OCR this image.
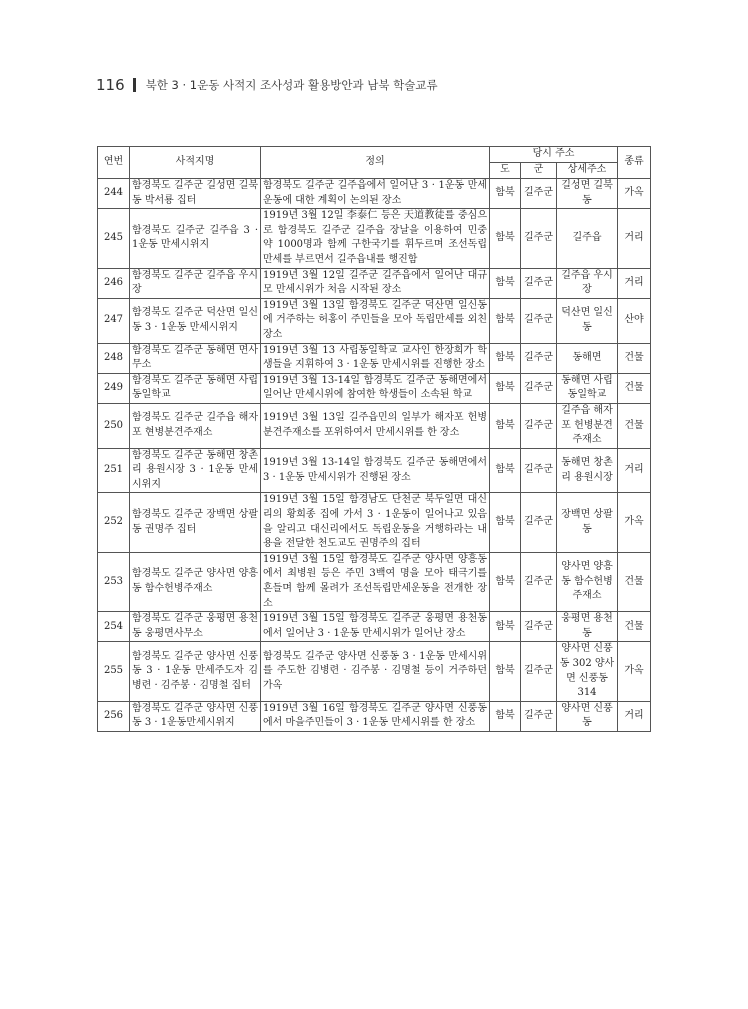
116 북한 3 · 1운동 사적지 조사성과 활용방안과 남북 학술교류
연번	사적지명	정의	당시 주소			종류
			도	군	상세주소	
244	함경북도 길주군 길성면 길북동 박서룡 집터	함경북도 길주군 길주읍에서 일어난 3 · 1운동 만세운동에 대한 계획이 논의된 장소	함북	길주군	길성면 길북동	가옥
245	함경북도 길주군 길주읍 3 · 1운동 만세시위지	1919년 3월 12일 李泰仁 등은 天道教徒를 중심으로 함경북도 길주군 길주읍 장날을 이용하여 민중 약 1000명과 함께 구한국기를 휘두르며 조선독립만세를 부르면서 길주읍내를 행진함	함북	길주군	길주읍	거리
246	함경북도 길주군 길주읍 우시장	1919년 3월 12일 길주군 길주읍에서 일어난 대규모 만세시위가 처음 시작된 장소	함북	길주군	길주읍 우시장	거리
247	함경북도 길주군 덕산면 일신동 3 · 1운동 만세시위지	1919년 3월 13일 함경북도 길주군 덕산면 일신동에 거주하는 허홍이 주민들을 모아 독립만세를 외친 장소	함북	길주군	덕산면 일신동	산야
248	함경북도 길주군 동해면 면사무소	1919년 3월 13 사립동일학교 교사인 한장희가 학생들을 지휘하여 3 · 1운동 만세시위를 진행한 장소	함북	길주군	동해면	건물
249	함경북도 길주군 동해면 사립동일학교	1919년 3월 13-14일 함경북도 길주군 동해면에서 일어난 만세시위에 참여한 학생들이 소속된 학교	함북	길주군	동해면 사립동일학교	건물
250	함경북도 길주군 길주읍 해자포 현병분견주재소	1919년 3월 13일 길주읍민의 일부가 해자포 헌병분견주재소를 포위하여서 만세시위를 한 장소	함북	길주군	길주읍 해자포 헌병분견주재소	건물
251	함경북도 길주군 동해면 창촌리 용원시장 3 · 1운동 만세시위지	1919년 3월 13-14일 함경북도 길주군 동해면에서 3 · 1운동 만세시위가 진행된 장소	함북	길주군	동해면 창촌리 용원시장	거리
252	함경북도 길주군 장백면 상팔동 권명주 집터	1919년 3월 15일 함경남도 단천군 북두일면 대신리의 황희종 집에 가서 3 · 1운동이 일어나고 있음을 알리고 대신리에서도 독립운동을 거행하라는 내용을 전달한 천도교도 권명주의 집터	함북	길주군	장백면 상팔동	가옥
253	함경북도 길주군 양사면 양흥동 함수헌병주재소	1919년 3월 15일 함경북도 길주군 양사면 양흥동에서 최병원 등은 주민 3백여 명을 모아 태극기를 흔들며 함께 몰려가 조선독립만세운동을 전개한 장소	함북	길주군	양사면 양흥동 함수헌병주재소	건물
254	함경북도 길주군 웅평면 용천동 웅평면사무소	1919년 3월 15일 함경북도 길주군 웅평면 용천동에서 일어난 3 · 1운동 만세시위가 일어난 장소	함북	길주군	웅평면 용천동	건물
255	함경북도 길주군 양사면 신풍동 3 · 1운동 만세주도자 김병련 · 김주봉 · 김명철 집터	함경북도 길주군 양사면 신풍동 3 · 1운동 만세시위를 주도한 김병련 · 김주봉 · 김명철 등이 거주하던 가옥	함북	길주군	양사면 신풍동 302 양사면 신풍동 314	가옥
256	함경북도 길주군 양사면 신풍동 3 · 1운동만세시위지	1919년 3월 16일 함경북도 길주군 양사면 신풍동에서 마을주민들이 3 · 1운동 만세시위를 한 장소	함북	길주군	양사면 신풍동	거리
